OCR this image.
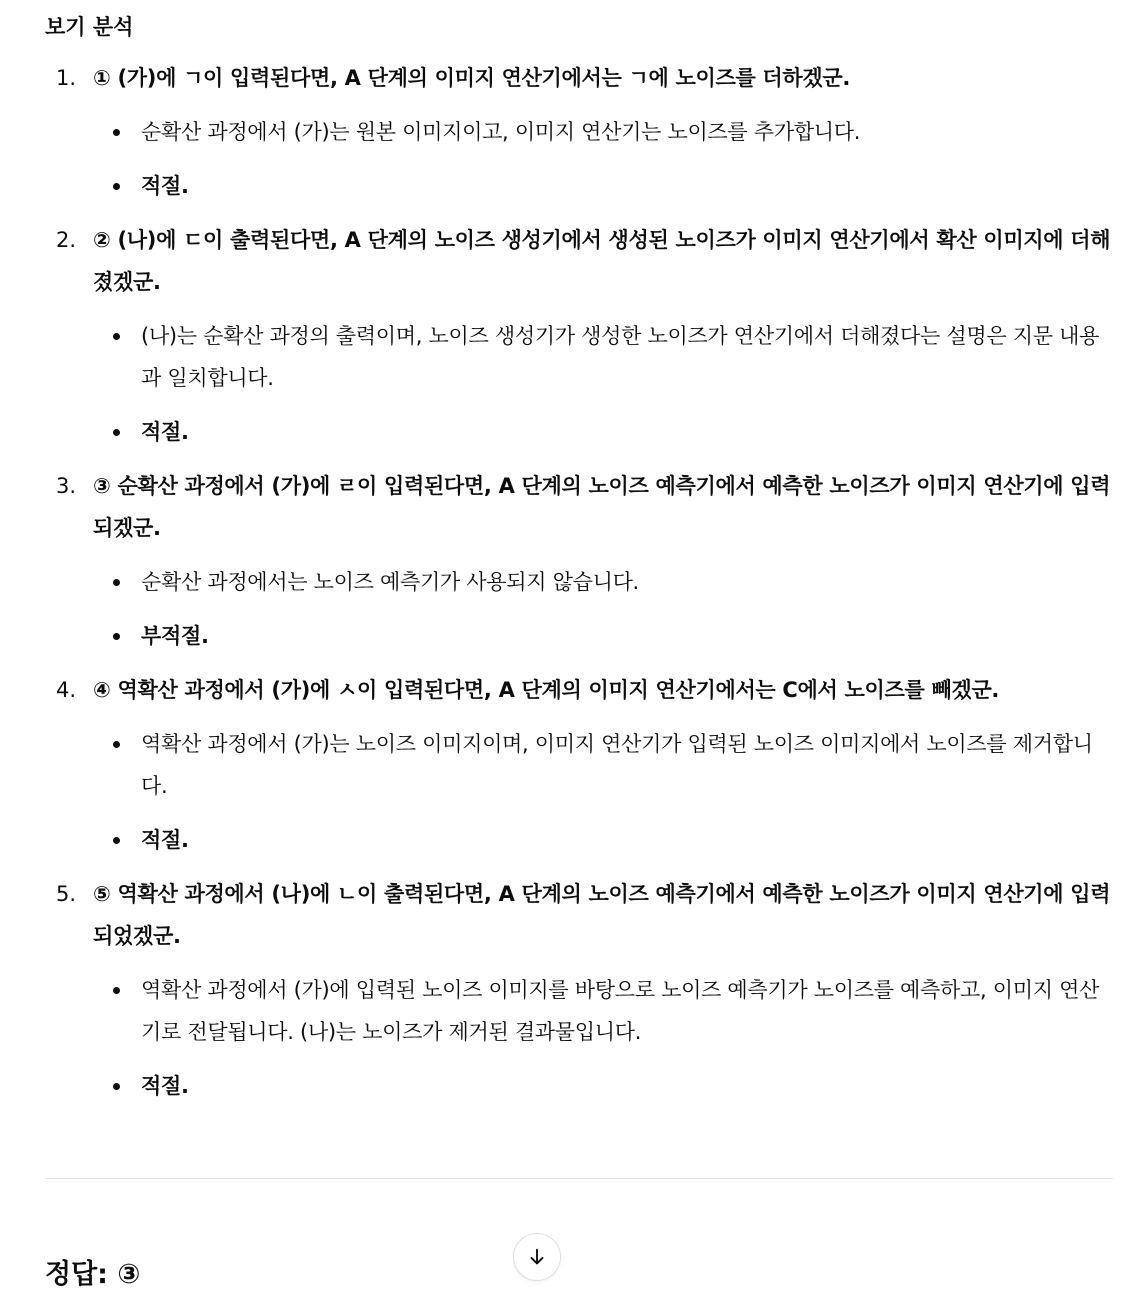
보기 분석
1. ① (가)에 ㄱ이 입력된다면, A 단계의 이미지 연산기에서는 ㄱ에 노이즈를 더하겠군.

순확산 과정에서 (가)는 원본 이미지이고, 이미지 연산기는 노이즈를 추가합니다.

적절.

2. ② (나)에 ㄷ이 출력된다면, A 단계의 노이즈 생성기에서 생성된 노이즈가 이미지 연산기에서 확산 이미지에 더해졌겠군.

(나)는 순확산 과정의 출력이며, 노이즈 생성기가 생성한 노이즈가 연산기에서 더해졌다는 설명은 지문 내용과 일치합니다.

적절.

3. ③ 순확산 과정에서 (가)에 ㄹ이 입력된다면, A 단계의 노이즈 예측기에서 예측한 노이즈가 이미지 연산기에 입력되겠군.

순확산 과정에서는 노이즈 예측기가 사용되지 않습니다.

부적절.

4. ④ 역확산 과정에서 (가)에 ㅅ이 입력된다면, A 단계의 이미지 연산기에서는 C에서 노이즈를 빼겠군.

역확산 과정에서 (가)는 노이즈 이미지이며, 이미지 연산기가 입력된 노이즈 이미지에서 노이즈를 제거합니다.

적절.

5. ⑤ 역확산 과정에서 (나)에 ㄴ이 출력된다면, A 단계의 노이즈 예측기에서 예측한 노이즈가 이미지 연산기에 입력되었겠군.

역확산 과정에서 (가)에 입력된 노이즈 이미지를 바탕으로 노이즈 예측기가 노이즈를 예측하고, 이미지 연산기로 전달됩니다. (나)는 노이즈가 제거된 결과물입니다.

적절.

정답: ③
